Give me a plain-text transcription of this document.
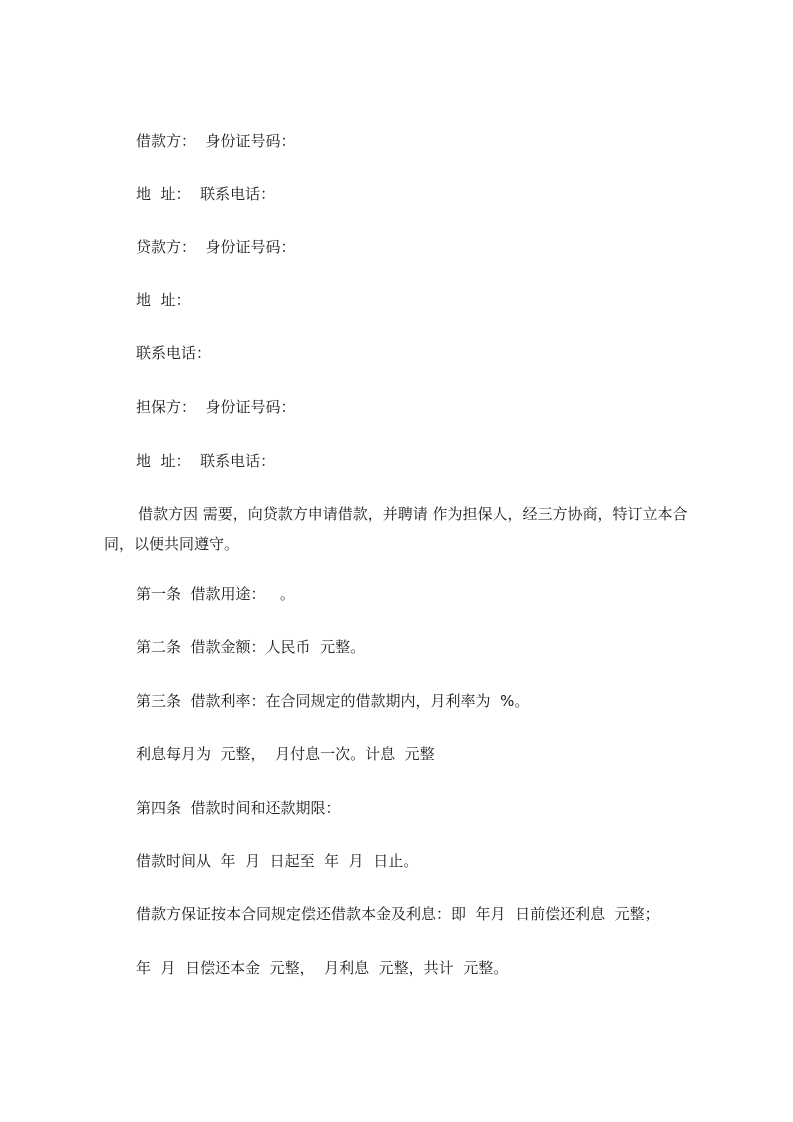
借款方：  身份证号码：
地  址：  联系电话：
贷款方：  身份证号码：
地  址：
联系电话：
担保方：  身份证号码：
地  址：  联系电话：
借款方因 需要，向贷款方申请借款，并聘请 作为担保人，经三方协商，特订立本合同，以便共同遵守。
第一条  借款用途：   。
第二条  借款金额：人民币  元整。
第三条  借款利率：在合同规定的借款期内，月利率为  %。
利息每月为  元整，  月付息一次。计息  元整
第四条  借款时间和还款期限：
借款时间从  年  月  日起至  年  月  日止。
借款方保证按本合同规定偿还借款本金及利息：即  年月  日前偿还利息  元整；
年  月  日偿还本金  元整，  月利息  元整，共计  元整。
